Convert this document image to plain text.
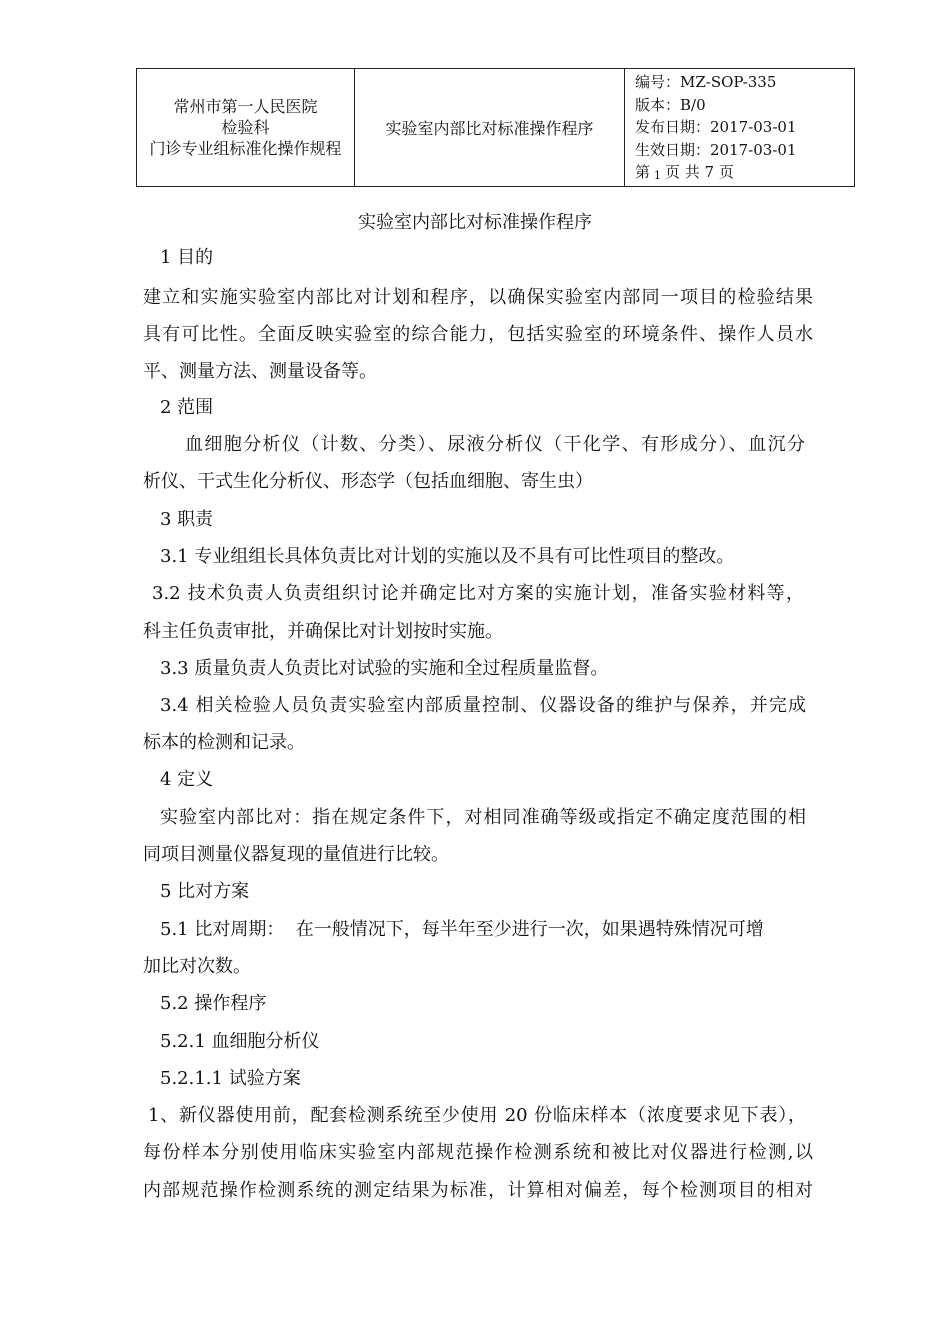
常州市第一人民医院
检验科
门诊专业组标准化操作规程
	实验室内部比对标准操作程序	
编号：MZ-SOP-335
版本：B/0
发布日期：2017-03-01
生效日期：2017-03-01
第 1 页 共 7 页
实验室内部比对标准操作程序
1 目的
建立和实施实验室内部比对计划和程序，以确保实验室内部同一项目的检验结果
具有可比性。全面反映实验室的综合能力，包括实验室的环境条件、操作人员水
平、测量方法、测量设备等。
2 范围
血细胞分析仪（计数、分类）、尿液分析仪（干化学、有形成分）、血沉分
析仪、干式生化分析仪、形态学（包括血细胞、寄生虫）
3 职责
3.1 专业组组长具体负责比对计划的实施以及不具有可比性项目的整改。
3.2 技术负责人负责组织讨论并确定比对方案的实施计划，准备实验材料等，
科主任负责审批，并确保比对计划按时实施。
3.3 质量负责人负责比对试验的实施和全过程质量监督。
3.4 相关检验人员负责实验室内部质量控制、仪器设备的维护与保养，并完成
标本的检测和记录。
4 定义
实验室内部比对：指在规定条件下，对相同准确等级或指定不确定度范围的相
同项目测量仪器复现的量值进行比较。
5 比对方案
5.1 比对周期：  在一般情况下，每半年至少进行一次，如果遇特殊情况可增
加比对次数。
5.2 操作程序
5.2.1 血细胞分析仪
5.2.1.1 试验方案
1、新仪器使用前，配套检测系统至少使用 20 份临床样本（浓度要求见下表），
每份样本分别使用临床实验室内部规范操作检测系统和被比对仪器进行检测,以
内部规范操作检测系统的测定结果为标准，计算相对偏差，每个检测项目的相对
